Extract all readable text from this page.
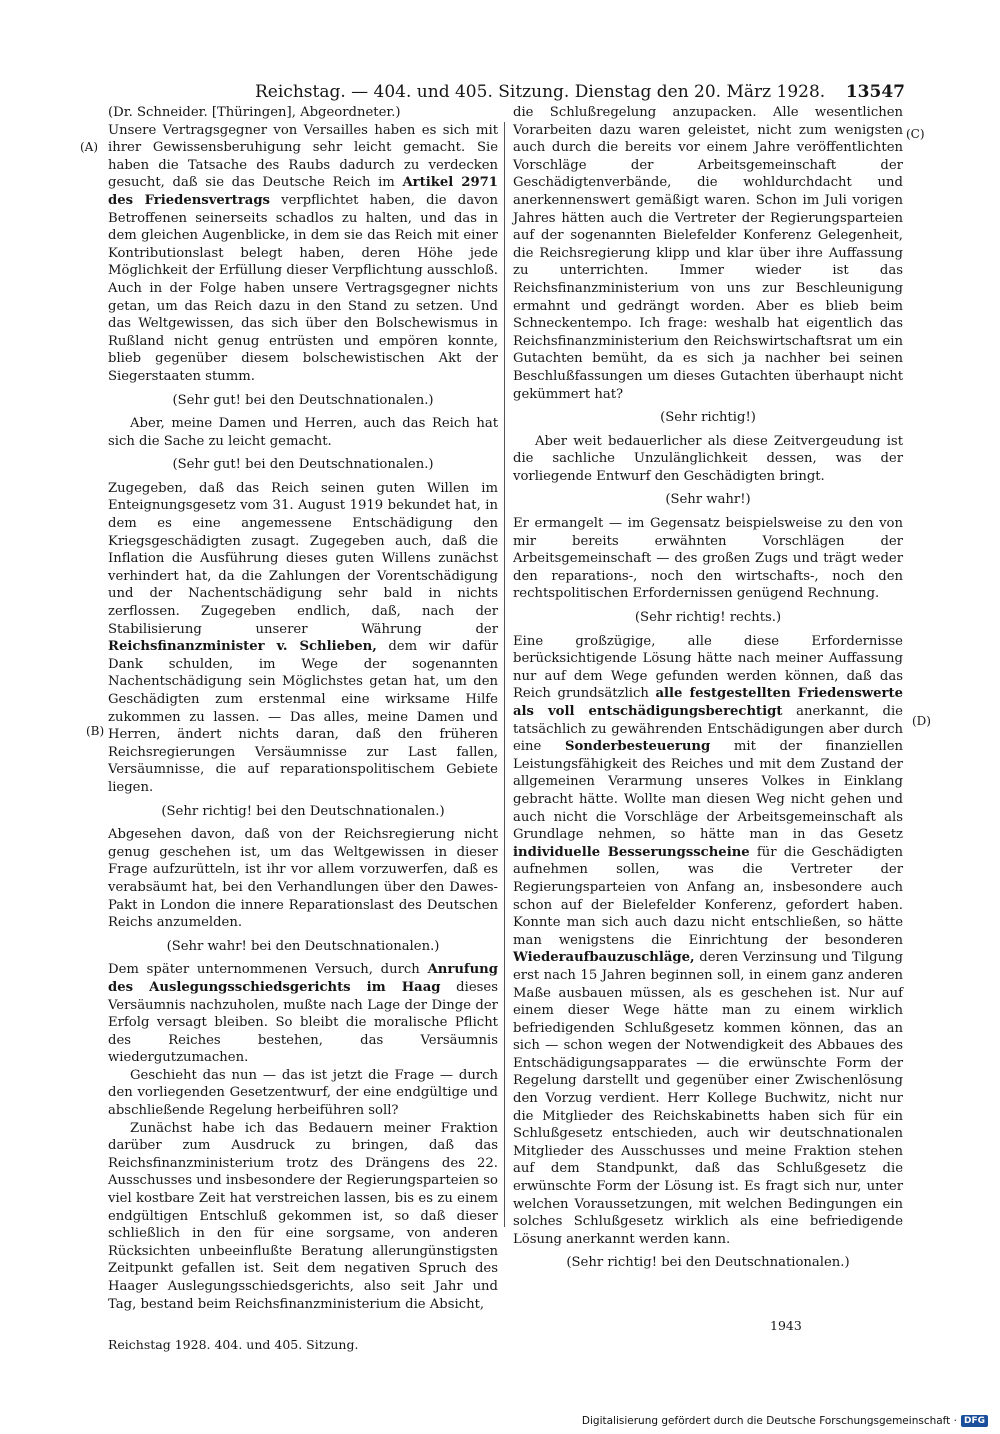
Reichstag. — 404. und 405. Sitzung. Dienstag den 20. März 1928. 13547
(A)
(B)
(C)
(D)

(Dr. Schneider. [Thüringen], Abgeordneter.)

Unsere Vertragsgegner von Versailles haben es sich mit ihrer Gewissensberuhigung sehr leicht gemacht. Sie haben die Tatsache des Raubs dadurch zu verdecken gesucht, daß sie das Deutsche Reich im Artikel 2971 des Friedensvertrags verpflichtet haben, die davon Betroffenen seinerseits schadlos zu halten, und das in dem gleichen Augenblicke, in dem sie das Reich mit einer Kontributionslast belegt haben, deren Höhe jede Möglichkeit der Erfüllung dieser Verpflichtung ausschloß. Auch in der Folge haben unsere Vertragsgegner nichts getan, um das Reich dazu in den Stand zu setzen. Und das Weltgewissen, das sich über den Bolschewismus in Rußland nicht genug entrüsten und empören konnte, blieb gegenüber diesem bolschewistischen Akt der Siegerstaaten stumm.

(Sehr gut! bei den Deutschnationalen.)

Aber, meine Damen und Herren, auch das Reich hat sich die Sache zu leicht gemacht.

(Sehr gut! bei den Deutschnationalen.)

Zugegeben, daß das Reich seinen guten Willen im Enteignungsgesetz vom 31. August 1919 bekundet hat, in dem es eine angemessene Entschädigung den Kriegsgeschädigten zusagt. Zugegeben auch, daß die Inflation die Ausführung dieses guten Willens zunächst verhindert hat, da die Zahlungen der Vorentschädigung und der Nachentschädigung sehr bald in nichts zerflossen. Zugegeben endlich, daß, nach der Stabilisierung unserer Währung der Reichsfinanzminister v. Schlieben, dem wir dafür Dank schulden, im Wege der sogenannten Nachentschädigung sein Möglichstes getan hat, um den Geschädigten zum erstenmal eine wirksame Hilfe zukommen zu lassen. — Das alles, meine Damen und Herren, ändert nichts daran, daß den früheren Reichsregierungen Versäumnisse zur Last fallen, Versäumnisse, die auf reparationspolitischem Gebiete liegen.

(Sehr richtig! bei den Deutschnationalen.)

Abgesehen davon, daß von der Reichsregierung nicht genug geschehen ist, um das Weltgewissen in dieser Frage aufzurütteln, ist ihr vor allem vorzuwerfen, daß es verabsäumt hat, bei den Verhandlungen über den Dawes-Pakt in London die innere Reparationslast des Deutschen Reichs anzumelden.

(Sehr wahr! bei den Deutschnationalen.)

Dem später unternommenen Versuch, durch Anrufung des Auslegungsschiedsgerichts im Haag dieses Versäumnis nachzuholen, mußte nach Lage der Dinge der Erfolg versagt bleiben. So bleibt die moralische Pflicht des Reiches bestehen, das Versäumnis wiedergutzumachen.

Geschieht das nun — das ist jetzt die Frage — durch den vorliegenden Gesetzentwurf, der eine endgültige und abschließende Regelung herbeiführen soll?

Zunächst habe ich das Bedauern meiner Fraktion darüber zum Ausdruck zu bringen, daß das Reichsfinanzministerium trotz des Drängens des 22. Ausschusses und insbesondere der Regierungsparteien so viel kostbare Zeit hat verstreichen lassen, bis es zu einem endgültigen Entschluß gekommen ist, so daß dieser schließlich in den für eine sorgsame, von anderen Rücksichten unbeeinflußte Beratung allerungünstigsten Zeitpunkt gefallen ist. Seit dem negativen Spruch des Haager Auslegungsschiedsgerichts, also seit Jahr und Tag, bestand beim Reichsfinanzministerium die Absicht,

die Schlußregelung anzupacken. Alle wesentlichen Vorarbeiten dazu waren geleistet, nicht zum wenigsten auch durch die bereits vor einem Jahre veröffentlichten Vorschläge der Arbeitsgemeinschaft der Geschädigtenverbände, die wohldurchdacht und anerkennenswert gemäßigt waren. Schon im Juli vorigen Jahres hätten auch die Vertreter der Regierungsparteien auf der sogenannten Bielefelder Konferenz Gelegenheit, die Reichsregierung klipp und klar über ihre Auffassung zu unterrichten. Immer wieder ist das Reichsfinanzministerium von uns zur Beschleunigung ermahnt und gedrängt worden. Aber es blieb beim Schneckentempo. Ich frage: weshalb hat eigentlich das Reichsfinanzministerium den Reichswirtschaftsrat um ein Gutachten bemüht, da es sich ja nachher bei seinen Beschlußfassungen um dieses Gutachten überhaupt nicht gekümmert hat?

(Sehr richtig!)

Aber weit bedauerlicher als diese Zeitvergeudung ist die sachliche Unzulänglichkeit dessen, was der vorliegende Entwurf den Geschädigten bringt.

(Sehr wahr!)

Er ermangelt — im Gegensatz beispielsweise zu den von mir bereits erwähnten Vorschlägen der Arbeitsgemeinschaft — des großen Zugs und trägt weder den reparations-, noch den wirtschafts-, noch den rechtspolitischen Erfordernissen genügend Rechnung.

(Sehr richtig! rechts.)

Eine großzügige, alle diese Erfordernisse berücksichtigende Lösung hätte nach meiner Auffassung nur auf dem Wege gefunden werden können, daß das Reich grundsätzlich alle festgestellten Friedenswerte als voll entschädigungsberechtigt anerkannt, die tatsächlich zu gewährenden Entschädigungen aber durch eine Sonderbesteuerung mit der finanziellen Leistungsfähigkeit des Reiches und mit dem Zustand der allgemeinen Verarmung unseres Volkes in Einklang gebracht hätte. Wollte man diesen Weg nicht gehen und auch nicht die Vorschläge der Arbeitsgemeinschaft als Grundlage nehmen, so hätte man in das Gesetz individuelle Besserungsscheine für die Geschädigten aufnehmen sollen, was die Vertreter der Regierungsparteien von Anfang an, insbesondere auch schon auf der Bielefelder Konferenz, gefordert haben. Konnte man sich auch dazu nicht entschließen, so hätte man wenigstens die Einrichtung der besonderen Wiederaufbauzuschläge, deren Verzinsung und Tilgung erst nach 15 Jahren beginnen soll, in einem ganz anderen Maße ausbauen müssen, als es geschehen ist. Nur auf einem dieser Wege hätte man zu einem wirklich befriedigenden Schlußgesetz kommen können, das an sich — schon wegen der Notwendigkeit des Abbaues des Entschädigungsapparates — die erwünschte Form der Regelung darstellt und gegenüber einer Zwischenlösung den Vorzug verdient. Herr Kollege Buchwitz, nicht nur die Mitglieder des Reichskabinetts haben sich für ein Schlußgesetz entschieden, auch wir deutschnationalen Mitglieder des Ausschusses und meine Fraktion stehen auf dem Standpunkt, daß das Schlußgesetz die erwünschte Form der Lösung ist. Es fragt sich nur, unter welchen Voraussetzungen, mit welchen Bedingungen ein solches Schlußgesetz wirklich als eine befriedigende Lösung anerkannt werden kann.

(Sehr richtig! bei den Deutschnationalen.)

Reichstag 1928. 404. und 405. Sitzung.
1943
Digitalisierung gefördert durch die Deutsche Forschungsgemeinschaft · DFG
